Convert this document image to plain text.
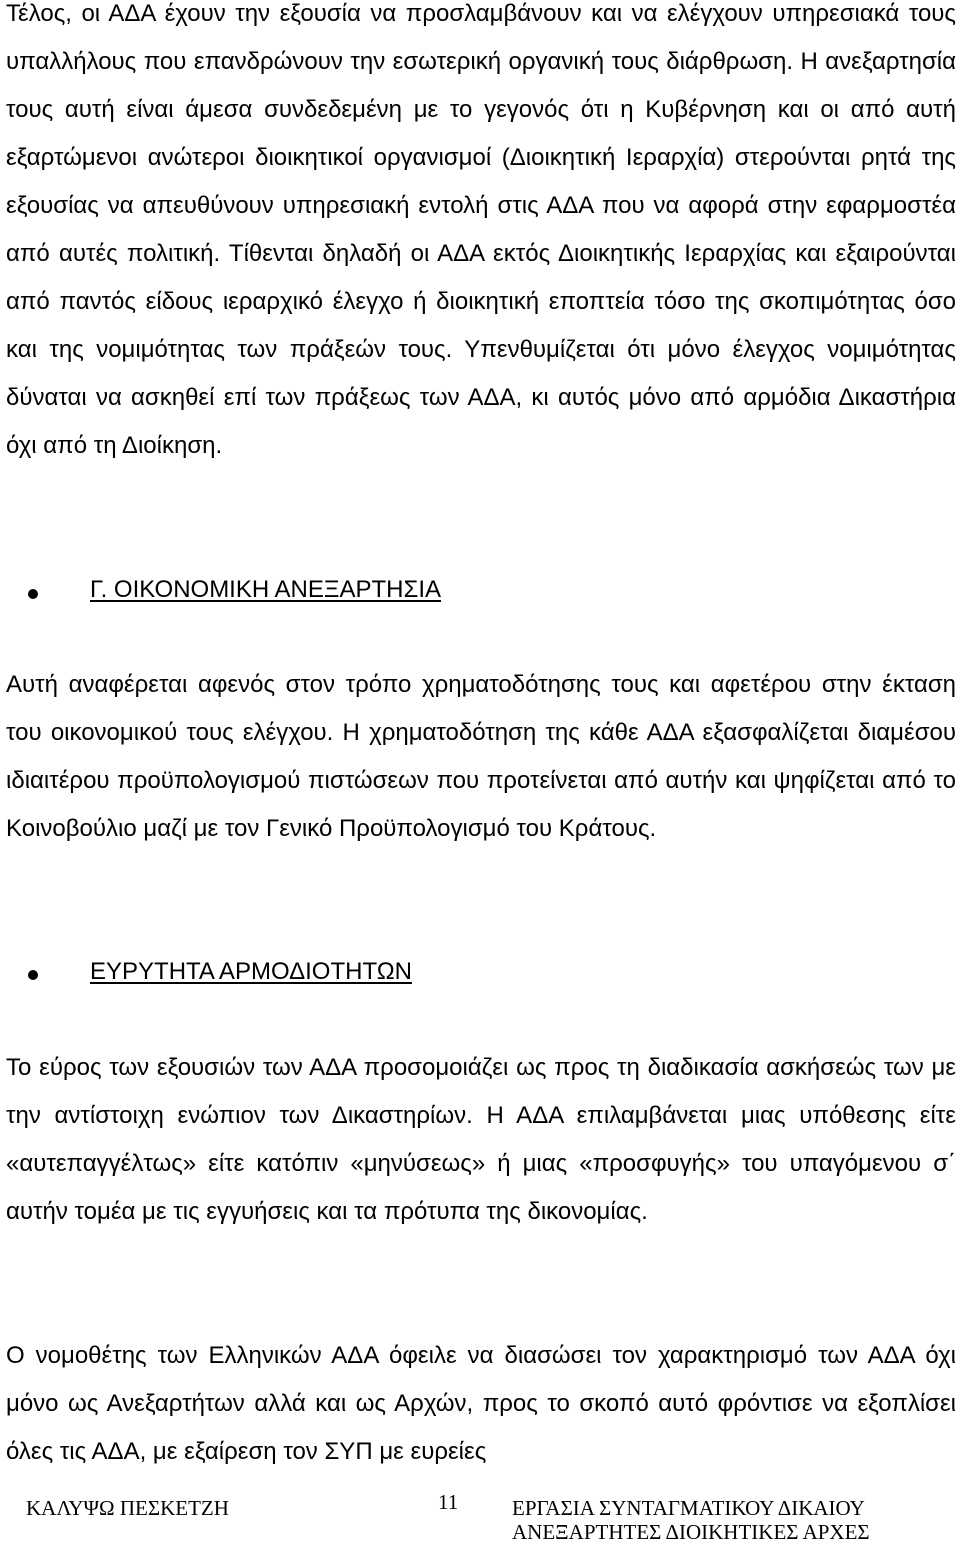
Τέλος, οι ΑΔΑ έχουν την εξουσία να προσλαμβάνουν και να ελέγχουν υπηρεσιακά τους υπαλλήλους που επανδρώνουν την εσωτερική οργανική τους διάρθρωση. Η ανεξαρτησία τους αυτή είναι άμεσα συνδεδεμένη με το γεγονός ότι η Κυβέρνηση και οι από αυτή εξαρτώμενοι ανώτεροι διοικητικοί οργανισμοί (Διοικητική Ιεραρχία) στερούνται ρητά της εξουσίας να απευθύνουν υπηρεσιακή εντολή στις ΑΔΑ που να αφορά στην εφαρμοστέα από αυτές πολιτική. Τίθενται δηλαδή οι ΑΔΑ εκτός Διοικητικής Ιεραρχίας και εξαιρούνται από παντός είδους ιεραρχικό έλεγχο ή διοικητική εποπτεία τόσο της σκοπιμότητας όσο και της νομιμότητας των πράξεών τους. Υπενθυμίζεται ότι μόνο έλεγχος νομιμότητας δύναται να ασκηθεί επί των πράξεως των ΑΔΑ, κι αυτός μόνο από αρμόδια Δικαστήρια όχι από τη Διοίκηση.

Γ. ΟΙΚΟΝΟΜΙΚΗ ΑΝΕΞΑΡΤΗΣΙΑ

Αυτή αναφέρεται αφενός στον τρόπο χρηματοδότησης τους και αφετέρου στην έκταση του οικονομικού τους ελέγχου. Η χρηματοδότηση της κάθε ΑΔΑ εξασφαλίζεται διαμέσου ιδιαιτέρου προϋπολογισμού πιστώσεων που προτείνεται από αυτήν και ψηφίζεται από το Κοινοβούλιο μαζί με τον Γενικό Προϋπολογισμό του Κράτους.

ΕΥΡΥΤΗΤΑ ΑΡΜΟΔΙΟΤΗΤΩΝ

Το εύρος των εξουσιών των ΑΔΑ προσομοιάζει ως προς τη διαδικασία ασκήσεώς των με την αντίστοιχη ενώπιον των Δικαστηρίων. Η ΑΔΑ επιλαμβάνεται μιας υπόθεσης είτε «αυτεπαγγέλτως» είτε κατόπιν «μηνύσεως» ή μιας «προσφυγής» του υπαγόμενου σ΄ αυτήν τομέα με τις εγγυήσεις και τα πρότυπα της δικονομίας.

Ο νομοθέτης των Ελληνικών ΑΔΑ όφειλε να διασώσει τον χαρακτηρισμό των ΑΔΑ όχι μόνο ως Ανεξαρτήτων αλλά και ως Αρχών, προς το σκοπό αυτό φρόντισε να εξοπλίσει όλες τις ΑΔΑ, με εξαίρεση τον ΣΥΠ με ευρείες

ΚΑΛΥΨΩ ΠΕΣΚΕΤΖΗ	11	ΕΡΓΑΣΙΑ ΣΥΝΤΑΓΜΑΤΙΚΟΥ ΔΙΚΑΙΟΥ
ΑΝΕΞΑΡΤΗΤΕΣ ΔΙΟΙΚΗΤΙΚΕΣ ΑΡΧΕΣ
